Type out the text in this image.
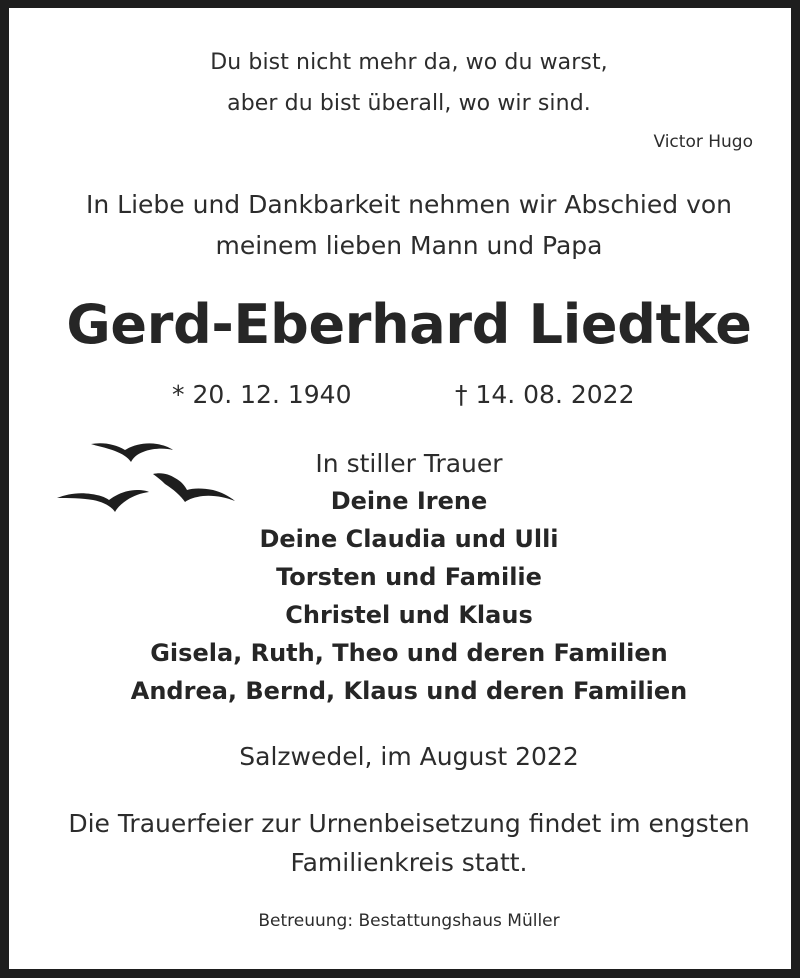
Du bist nicht mehr da, wo du warst,
aber du bist überall, wo wir sind.
Victor Hugo
In Liebe und Dankbarkeit nehmen wir Abschied von
meinem lieben Mann und Papa
Gerd-Eberhard Liedtke
* 20. 12. 1940	† 14. 08. 2022
In stiller Trauer
Deine Irene
Deine Claudia und Ulli
Torsten und Familie
Christel und Klaus
Gisela, Ruth, Theo und deren Familien
Andrea, Bernd, Klaus und deren Familien
Salzwedel, im August 2022
Die Trauerfeier zur Urnenbeisetzung findet im engsten
Familienkreis statt.
Betreuung: Bestattungshaus Müller
